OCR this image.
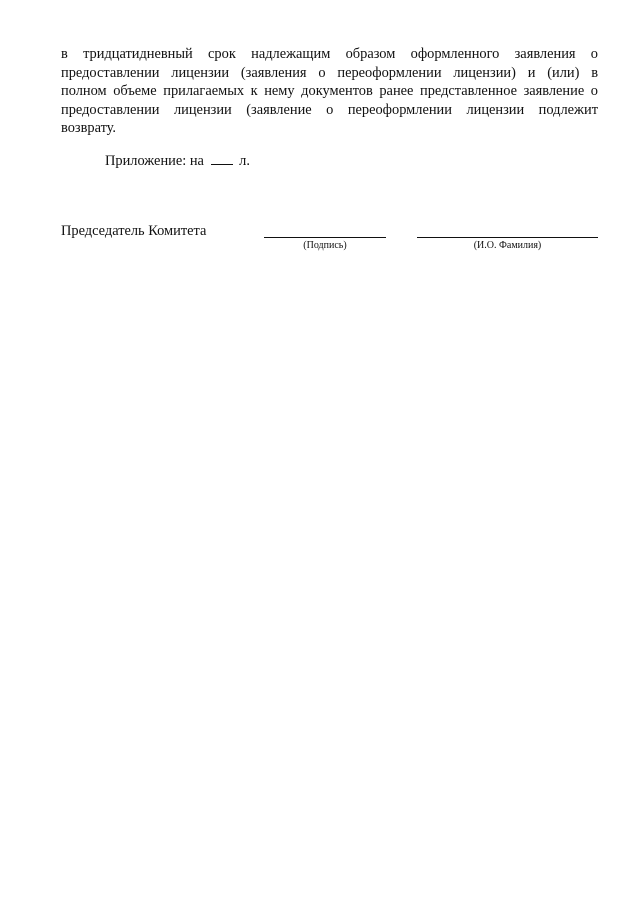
в тридцатидневный срок надлежащим образом оформленного заявления о
предоставлении лицензии (заявления о переоформлении лицензии) и (или) в
полном объеме прилагаемых к нему документов ранее представленное заявление о
предоставлении лицензии (заявление о переоформлении лицензии подлежит
возврату.
Приложение: на л.
Председатель Комитета
(Подпись)	(И.О. Фамилия)
